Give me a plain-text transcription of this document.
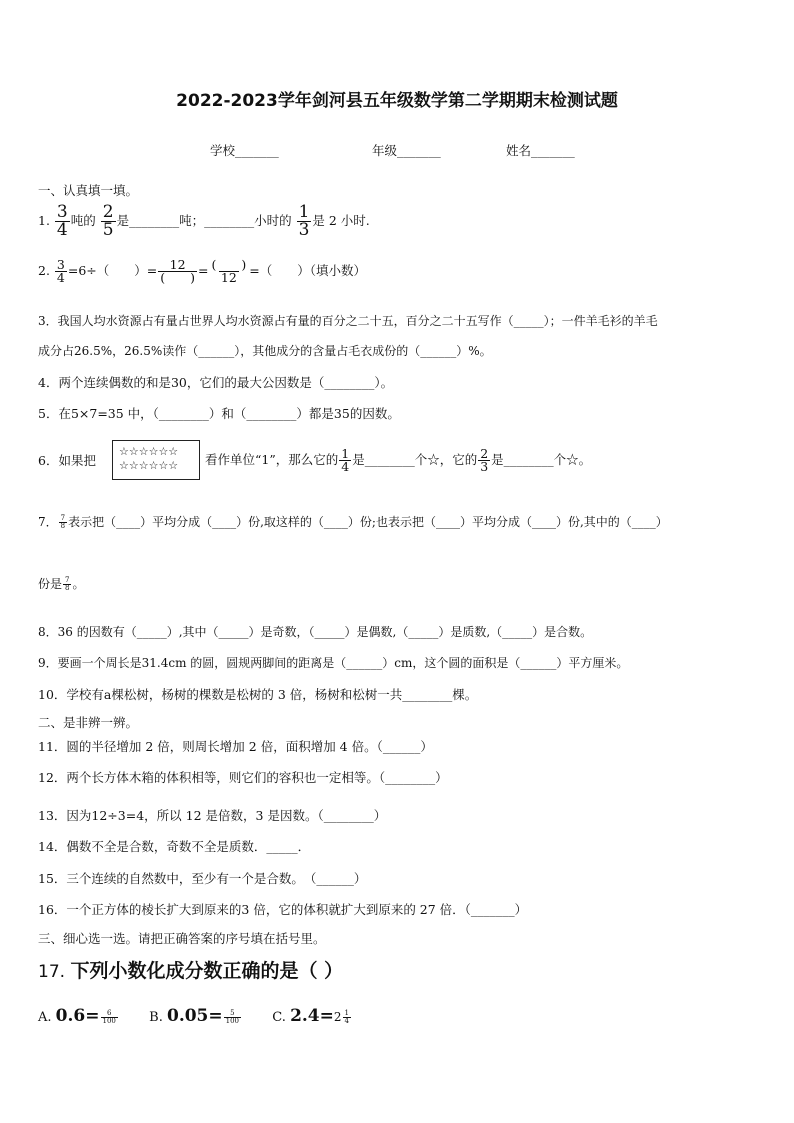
2022-2023学年剑河县五年级数学第二学期期末检测试题
学校_______	年级_______	姓名_______
一、认真填一填。
1. $\frac{3}{4}$ 吨的 $\frac{2}{5}$ 是________吨；________小时的 $\frac{1}{3}$ 是 2 小时.
2. $\frac{3}{4} =6\div$（　　）= $\frac{12}{( )} = \frac{( )}{12}$ =（　　）（填小数）
3．我国人均水资源占有量占世界人均水资源占有量的百分之二十五，百分之二十五写作（_____）；一件羊毛衫的羊毛
成分占26.5%，26.5%读作（______），其他成分的含量占毛衣成份的（______）%。
4．两个连续偶数的和是30，它们的最大公因数是（________）。
5．在5×7=35 中，（________）和（________）都是35的因数。
6．如果把
☆☆☆☆☆☆
☆☆☆☆☆☆	看作单位“1”，那么它的 $\frac{1}{4}$ 是________个☆，它的 $\frac{2}{3}$ 是________个☆。
7． $\frac{7}{8}$ 表示把（____）平均分成（____）份,取这样的（____）份;也表示把（____）平均分成（____）份,其中的（____）
份是 $\frac{7}{8}$ 。
8．36 的因数有（_____）,其中（_____）是奇数，（_____）是偶数,（_____）是质数,（_____）是合数。
9．要画一个周长是31.4cm 的圆，圆规两脚间的距离是（______）cm，这个圆的面积是（______）平方厘米。
10．学校有a棵松树，杨树的棵数是松树的 3 倍，杨树和松树一共________棵。
二、是非辨一辨。
11．圆的半径增加 2 倍，则周长增加 2 倍，面积增加 4 倍。（______）
12．两个长方体木箱的体积相等，则它们的容积也一定相等。（________）
13．因为12÷3=4，所以 12 是倍数，3 是因数。（________）
14．偶数不全是合数，奇数不全是质数．_____．
15．三个连续的自然数中，至少有一个是合数。　（______）
16．一个正方体的棱长扩大到原来的3 倍，它的体积就扩大到原来的 27 倍．（_______）
三、细心选一选。请把正确答案的序号填在括号里。
17. 下列小数化成分数正确的是（ ）
A. $0.6= \frac{6}{100} B$. $0.05= \frac{5}{100} C$. $2.4=2 \frac{1}{4}$
